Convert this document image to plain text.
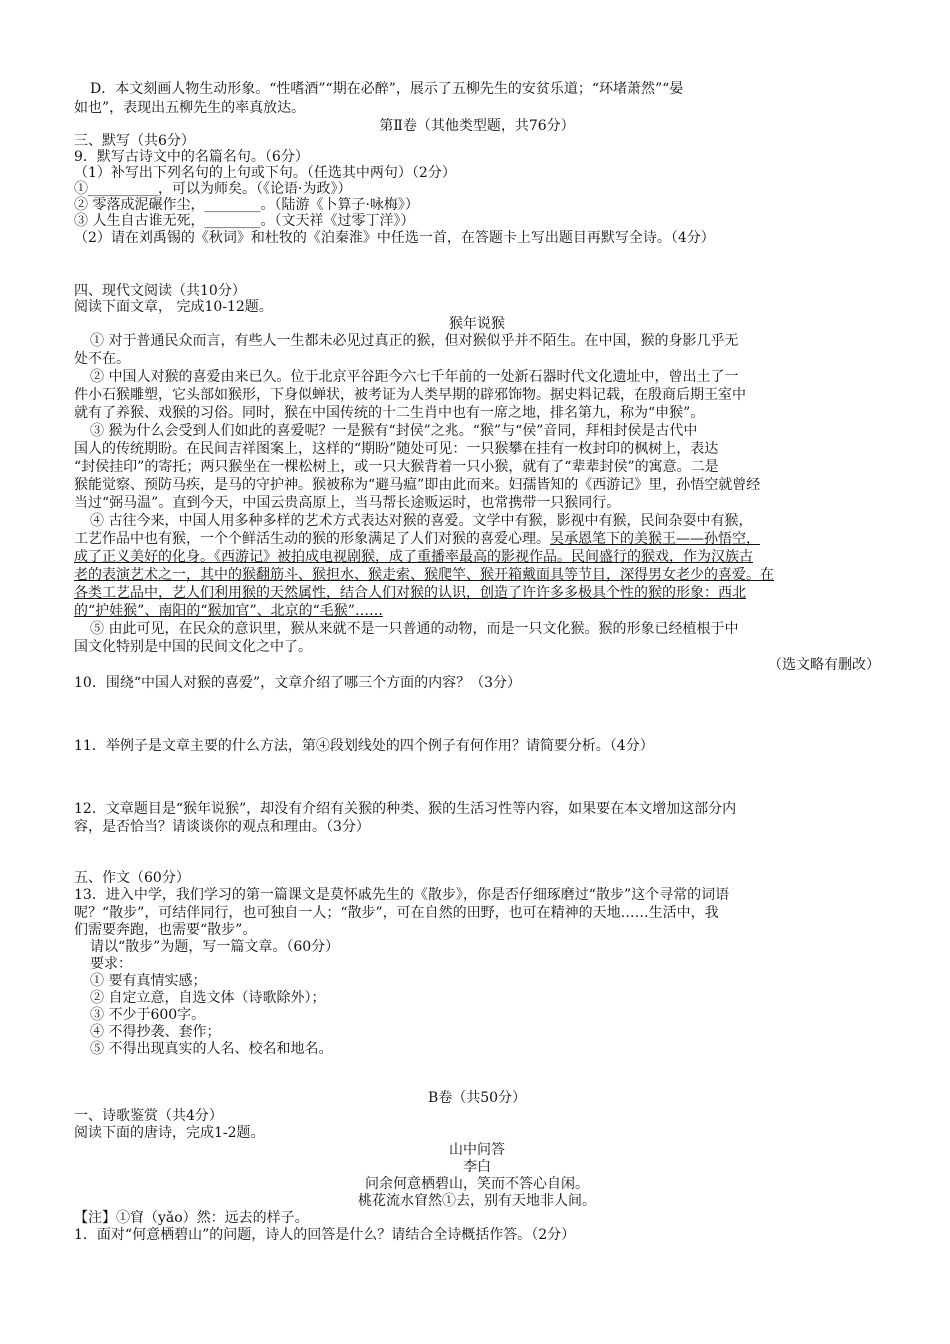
D．本文刻画人物生动形象。“性嗜酒”“期在必醉”，展示了五柳先生的安贫乐道；“环堵萧然”“晏
如也”，表现出五柳先生的率真放达。
第Ⅱ卷（其他类型题，共76分）
三、默写（共6分）
9．默写古诗文中的名篇名句。（6分）
（1）补写出下列名句的上句或下句。（任选其中两句）（2分）
①__________，可以为师矣。（《论语·为政》）
② 零落成泥碾作尘，________。（陆游《卜算子·咏梅》）
③ 人生自古谁无死，________。（文天祥《过零丁洋》）
（2）请在刘禹锡的《秋词》和杜牧的《泊秦淮》中任选一首，在答题卡上写出题目再默写全诗。（4分）
四、现代文阅读（共10分）
阅读下面文章， 完成10-12题。
猴年说猴
① 对于普通民众而言，有些人一生都未必见过真正的猴，但对猴似乎并不陌生。在中国，猴的身影几乎无
处不在。
② 中国人对猴的喜爱由来已久。位于北京平谷距今六七千年前的一处新石器时代文化遗址中，曾出土了一
件小石猴雕塑，它头部如猴形，下身似蝉状，被考证为人类早期的辟邪饰物。据史料记载，在殷商后期王室中
就有了养猴、戏猴的习俗。同时，猴在中国传统的十二生肖中也有一席之地，排名第九，称为“申猴”。
③ 猴为什么会受到人们如此的喜爱呢？一是猴有“封侯”之兆。“猴”与“侯”音同，拜相封侯是古代中
国人的传统期盼。在民间吉祥图案上，这样的“期盼”随处可见：一只猴攀在挂有一枚封印的枫树上，表达
“封侯挂印”的寄托；两只猴坐在一棵松树上，或一只大猴背着一只小猴，就有了“辈辈封侯”的寓意。二是
猴能觉察、预防马疾，是马的守护神。猴被称为“避马瘟”即由此而来。妇孺皆知的《西游记》里，孙悟空就曾经
当过“弼马温”。直到今天，中国云贵高原上，当马帮长途贩运时，也常携带一只猴同行。
④ 古往今来，中国人用多种多样的艺术方式表达对猴的喜爱。文学中有猴，影视中有猴，民间杂耍中有猴，
工艺作品中也有猴，一个个鲜活生动的猴的形象满足了人们对猴的喜爱心理。吴承恩笔下的美猴王——孙悟空，
成了正义美好的化身。《西游记》被拍成电视剧猴，成了重播率最高的影视作品。民间盛行的猴戏，作为汉族古
老的表演艺术之一，其中的猴翻筋斗、猴担水、猴走索、猴爬竿、猴开箱戴面具等节目，深得男女老少的喜爱。在
各类工艺品中，艺人们利用猴的天然属性，结合人们对猴的认识，创造了许许多多极具个性的猴的形象：西北
的“护娃猴”、南阳的“猴加官”、北京的“毛猴”……
⑤ 由此可见，在民众的意识里，猴从来就不是一只普通的动物，而是一只文化猴。猴的形象已经植根于中
国文化特别是中国的民间文化之中了。
（选文略有删改）
10．围绕“中国人对猴的喜爱”，文章介绍了哪三个方面的内容？（3分）
11．举例子是文章主要的什么方法，第④段划线处的四个例子有何作用？请简要分析。（4分）
12．文章题目是“猴年说猴”，却没有介绍有关猴的种类、猴的生活习性等内容，如果要在本文增加这部分内
容，是否恰当？请谈谈你的观点和理由。（3分）
五、作文（60分）
13．进入中学，我们学习的第一篇课文是莫怀戚先生的《散步》，你是否仔细琢磨过“散步”这个寻常的词语
呢？“散步”，可结伴同行，也可独自一人；“散步”，可在自然的田野，也可在精神的天地……生活中，我
们需要奔跑，也需要“散步”。
请以“散步”为题，写一篇文章。（60分）
要求：
① 要有真情实感；
② 自定立意，自选文体（诗歌除外）；
③ 不少于600字。
④ 不得抄袭、套作；
⑤ 不得出现真实的人名、校名和地名。
B卷（共50分）
一、诗歌鉴赏（共4分）
阅读下面的唐诗，完成1-2题。
山中问答
李白
问余何意栖碧山，笑而不答心自闲。
桃花流水窅然①去，别有天地非人间。
【注】①窅（yǎo）然：远去的样子。
1．面对“何意栖碧山”的问题，诗人的回答是什么？请结合全诗概括作答。（2分）
